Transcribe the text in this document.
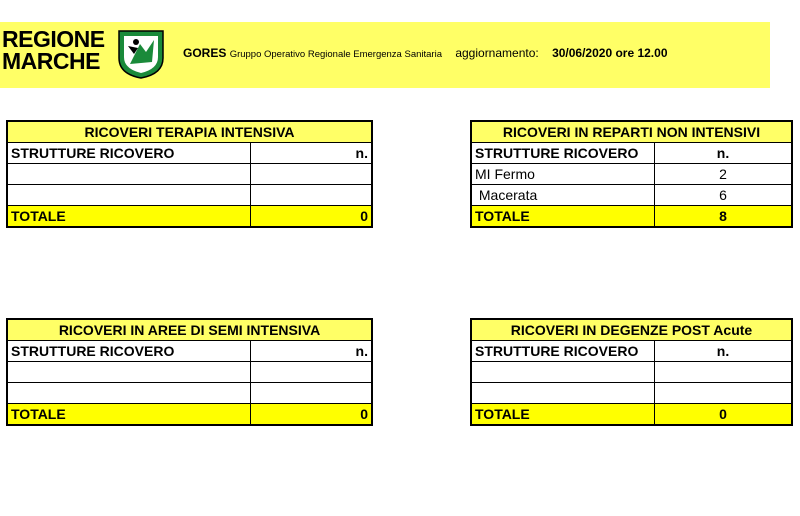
REGIONE
MARCHE	GORES Gruppo Operativo Regionale Emergenza Sanitaria aggiornamento: 30/06/2020 ore 12.00
RICOVERI TERAPIA INTENSIVA	
STRUTTURE RICOVERO	n.

TOTALE	0
RICOVERI IN REPARTI NON INTENSIVI	
STRUTTURE RICOVERO	n.
MI Fermo	2
Macerata	6
TOTALE	8
RICOVERI IN AREE DI SEMI INTENSIVA	
STRUTTURE RICOVERO	n.

TOTALE	0
RICOVERI IN DEGENZE POST Acute	
STRUTTURE RICOVERO	n.

TOTALE	0
